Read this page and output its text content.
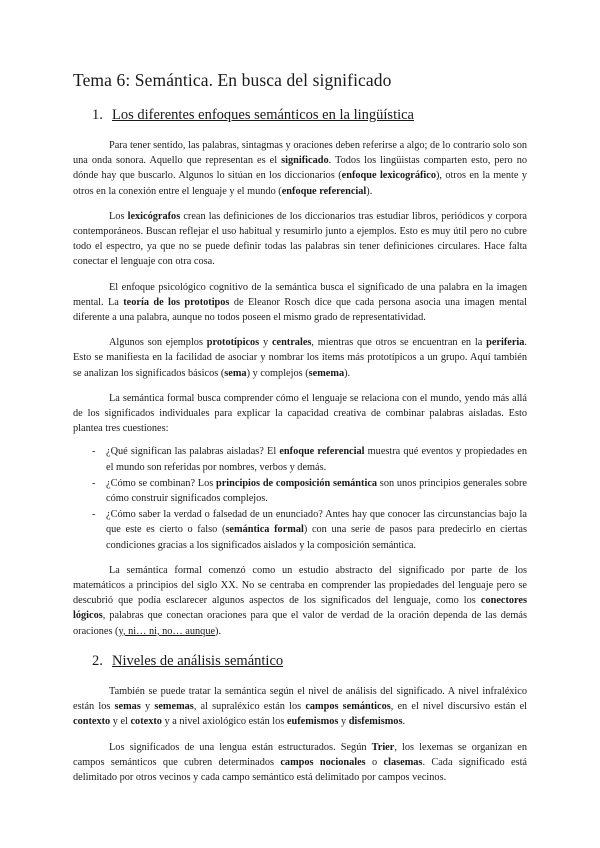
Tema 6: Semántica. En busca del significado
1. Los diferentes enfoques semánticos en la lingüística

Para tener sentido, las palabras, sintagmas y oraciones deben referirse a algo; de lo contrario solo son una onda sonora. Aquello que representan es el significado. Todos los lingüistas comparten esto, pero no dónde hay que buscarlo. Algunos lo sitúan en los diccionarios (enfoque lexicográfico), otros en la mente y otros en la conexión entre el lenguaje y el mundo (enfoque referencial).

Los lexicógrafos crean las definiciones de los diccionarios tras estudiar libros, periódicos y corpora contemporáneos. Buscan reflejar el uso habitual y resumirlo junto a ejemplos. Esto es muy útil pero no cubre todo el espectro, ya que no se puede definir todas las palabras sin tener definiciones circulares. Hace falta conectar el lenguaje con otra cosa.

El enfoque psicológico cognitivo de la semántica busca el significado de una palabra en la imagen mental. La teoría de los prototipos de Eleanor Rosch dice que cada persona asocia una imagen mental diferente a una palabra, aunque no todos poseen el mismo grado de representatividad.

Algunos son ejemplos prototípicos y centrales, mientras que otros se encuentran en la periferia. Esto se manifiesta en la facilidad de asociar y nombrar los ítems más prototípicos a un grupo. Aquí también se analizan los significados básicos (sema) y complejos (semema).

La semántica formal busca comprender cómo el lenguaje se relaciona con el mundo, yendo más allá de los significados individuales para explicar la capacidad creativa de combinar palabras aisladas. Esto plantea tres cuestiones:

- ¿Qué significan las palabras aisladas? El enfoque referencial muestra qué eventos y propiedades en el mundo son referidas por nombres, verbos y demás.
- ¿Cómo se combinan? Los principios de composición semántica son unos principios generales sobre cómo construir significados complejos.
- ¿Cómo saber la verdad o falsedad de un enunciado? Antes hay que conocer las circunstancias bajo la que este es cierto o falso (semántica formal) con una serie de pasos para predecirlo en ciertas condiciones gracias a los significados aislados y la composición semántica.

La semántica formal comenzó como un estudio abstracto del significado por parte de los matemáticos a principios del siglo XX. No se centraba en comprender las propiedades del lenguaje pero se descubrió que podía esclarecer algunos aspectos de los significados del lenguaje, como los conectores lógicos, palabras que conectan oraciones para que el valor de verdad de la oración dependa de las demás oraciones (y, ni… ni, no… aunque).

2. Niveles de análisis semántico

También se puede tratar la semántica según el nivel de análisis del significado. A nivel infraléxico están los semas y sememas, al supraléxico están los campos semánticos, en el nivel discursivo están el contexto y el cotexto y a nivel axiológico están los eufemismos y disfemismos.

Los significados de una lengua están estructurados. Según Trier, los lexemas se organizan en campos semánticos que cubren determinados campos nocionales o clasemas. Cada significado está delimitado por otros vecinos y cada campo semántico está delimitado por campos vecinos.
